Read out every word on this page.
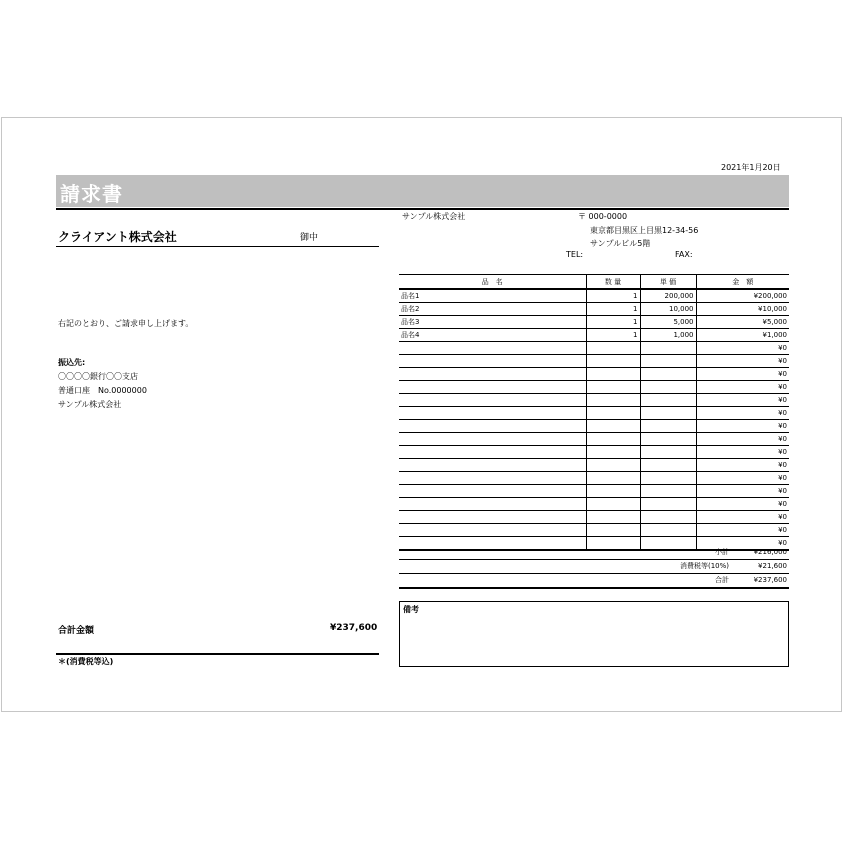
2021年1月20日
請求書
クライアント株式会社	御中
サンプル株式会社	〒 000-0000
東京都目黒区上目黒12-34-56
サンプルビル5階
TEL:	FAX:
右記のとおり、ご請求申し上げます。
振込先:
〇〇〇〇銀行〇〇支店
普通口座　No.0000000
サンプル株式会社
合計金額	¥237,600
＊(消費税等込)
品　名	数 量	単 価	金　額
品名1	1	200,000	¥200,000
品名2	1	10,000	¥10,000
品名3	1	5,000	¥5,000
品名4	1	1,000	¥1,000
			¥0
			¥0
			¥0
			¥0
			¥0
			¥0
			¥0
			¥0
			¥0
			¥0
			¥0
			¥0
			¥0
			¥0
			¥0
			¥0
小計	¥216,000
消費税等(10%)	¥21,600
合計	¥237,600
備考
